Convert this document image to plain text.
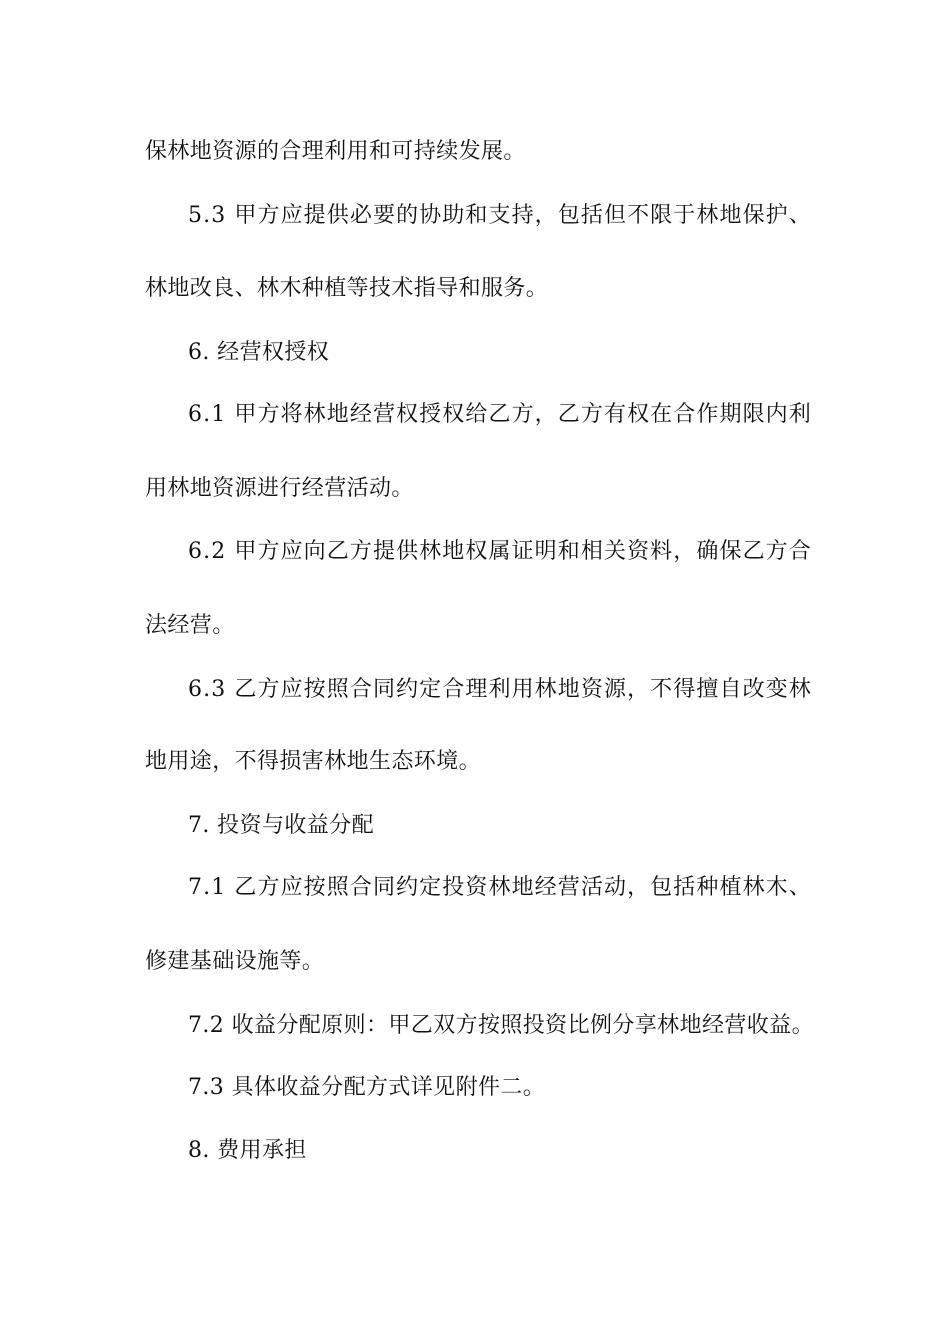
保林地资源的合理利用和可持续发展。
5.3 甲方应提供必要的协助和支持，包括但不限于林地保护、
林地改良、林木种植等技术指导和服务。
6. 经营权授权
6.1 甲方将林地经营权授权给乙方，乙方有权在合作期限内利
用林地资源进行经营活动。
6.2 甲方应向乙方提供林地权属证明和相关资料，确保乙方合
法经营。
6.3 乙方应按照合同约定合理利用林地资源，不得擅自改变林
地用途，不得损害林地生态环境。
7. 投资与收益分配
7.1 乙方应按照合同约定投资林地经营活动，包括种植林木、
修建基础设施等。
7.2 收益分配原则：甲乙双方按照投资比例分享林地经营收益。
7.3 具体收益分配方式详见附件二。
8. 费用承担
